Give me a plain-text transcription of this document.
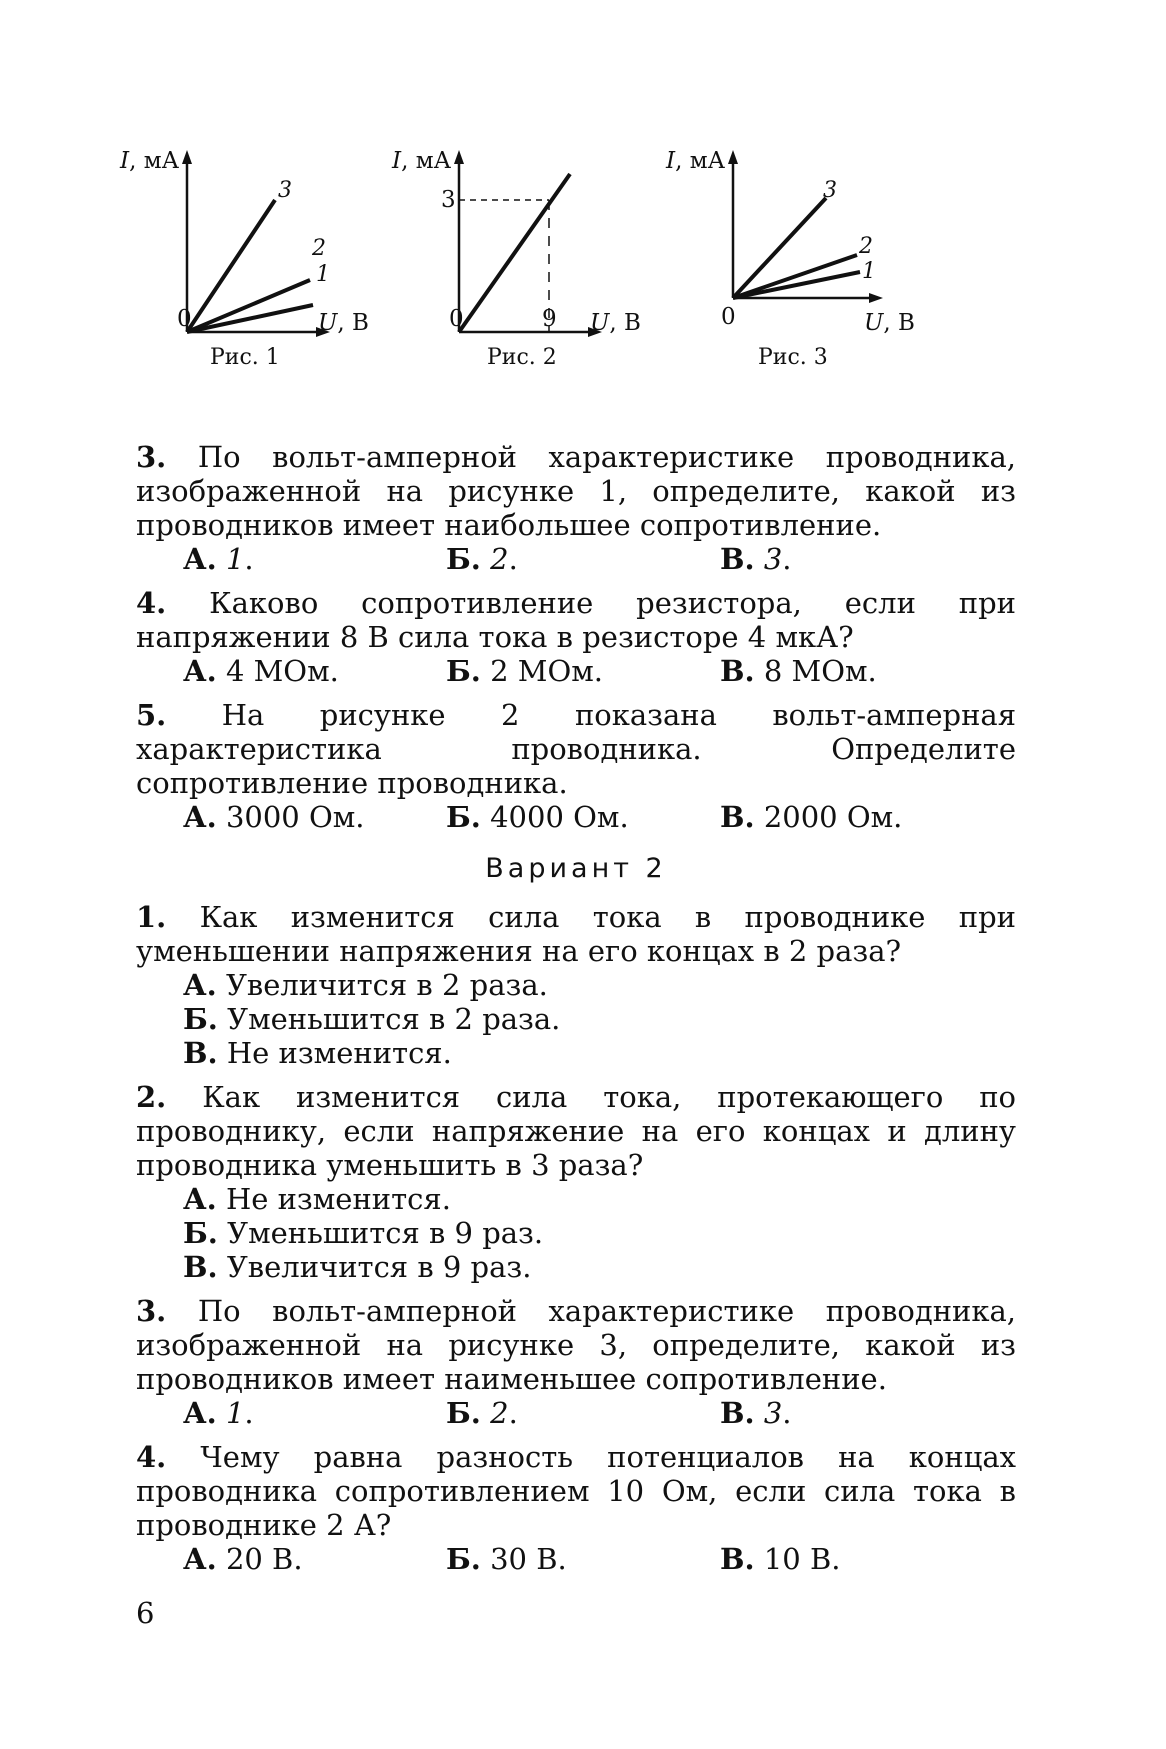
I, мА
U, В
0
3
2
1
Рис. 1
I, мА
U, В
0	9
3
Рис. 2
I, мА
U, В
0
3
2
1
Рис. 3
3. По вольт-амперной характеристике проводника, изображенной на рисунке 1, определите, какой из проводников имеет наибольшее сопротивление.
А. 1.	Б. 2.	В. 3.
4. Каково сопротивление резистора, если при напряжении 8 В сила тока в резисторе 4 мкА?
А. 4 МОм.	Б. 2 МОм.	В. 8 МОм.
5. На рисунке 2 показана вольт-амперная характеристика проводника. Определите сопротивление проводника.
А. 3000 Ом.	Б. 4000 Ом.	В. 2000 Ом.
Вариант 2
1. Как изменится сила тока в проводнике при уменьшении напряжения на его концах в 2 раза?
А. Увеличится в 2 раза.
Б. Уменьшится в 2 раза.
В. Не изменится.
2. Как изменится сила тока, протекающего по проводнику, если напряжение на его концах и длину проводника уменьшить в 3 раза?
А. Не изменится.
Б. Уменьшится в 9 раз.
В. Увеличится в 9 раз.
3. По вольт-амперной характеристике проводника, изображенной на рисунке 3, определите, какой из проводников имеет наименьшее сопротивление.
А. 1.	Б. 2.	В. 3.
4. Чему равна разность потенциалов на концах проводника сопротивлением 10 Ом, если сила тока в проводнике 2 А?
А. 20 В.	Б. 30 В.	В. 10 В.
6
